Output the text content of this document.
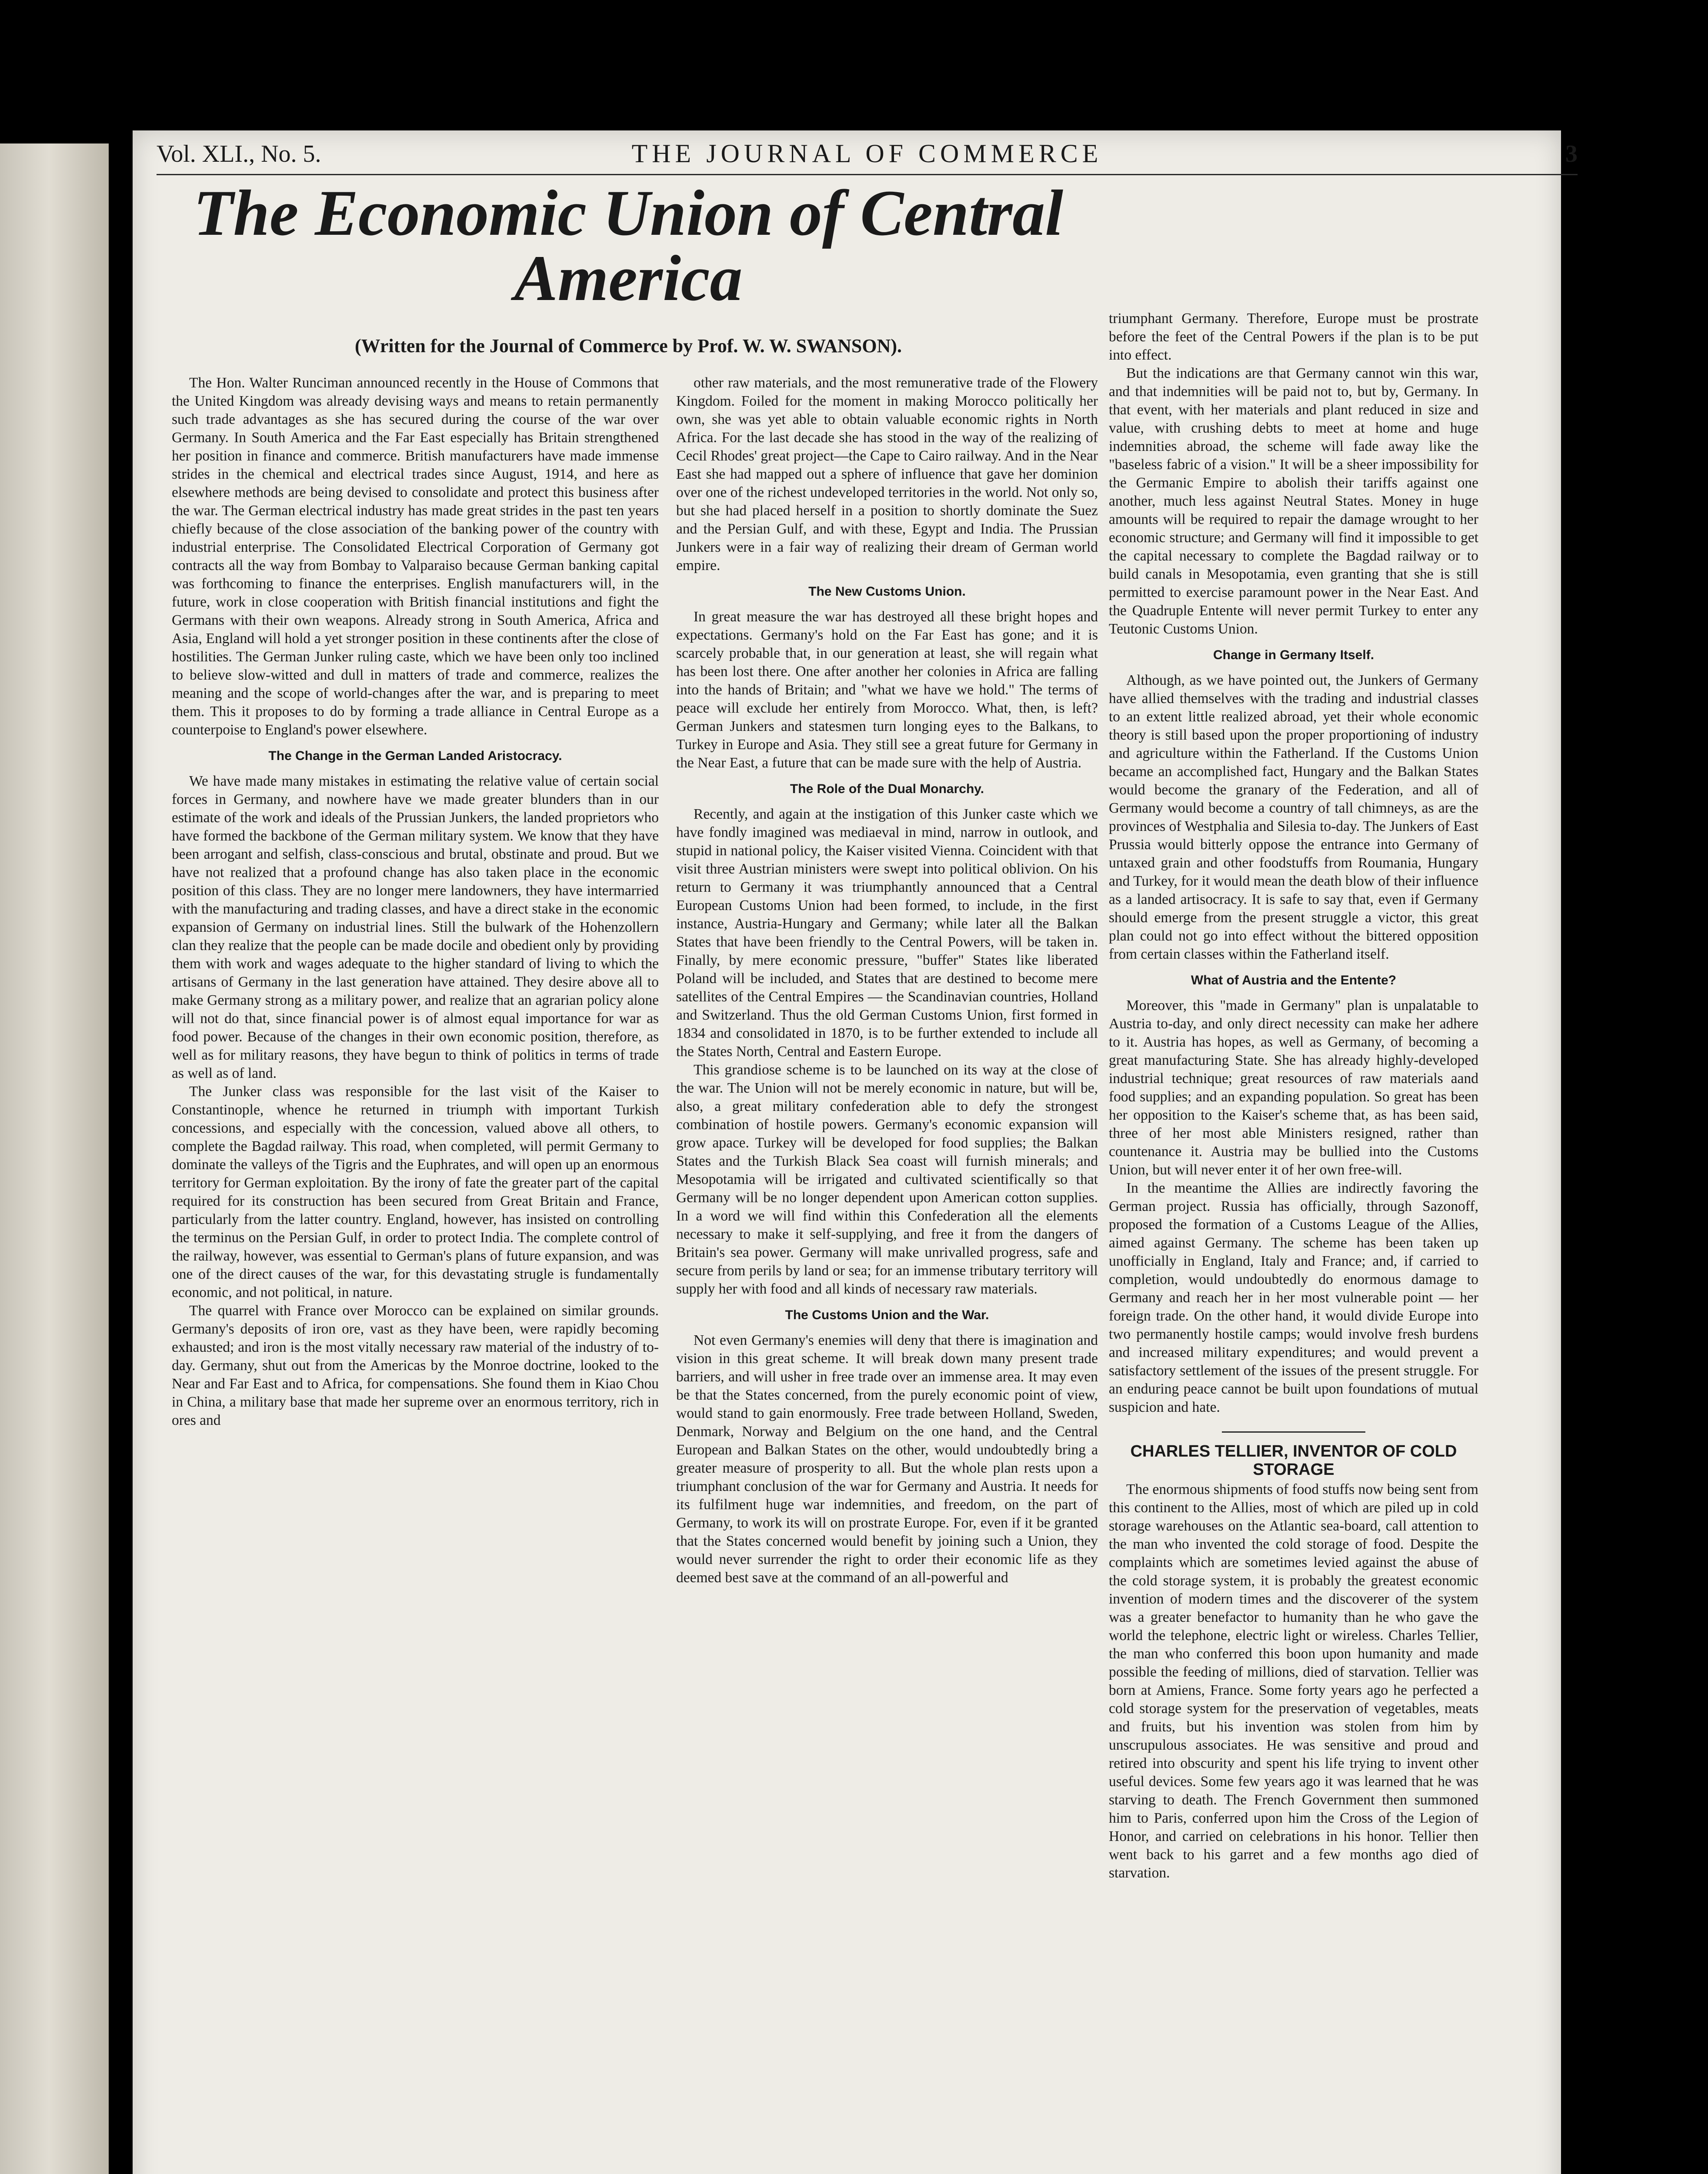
Vol. XLI., No. 5.	THE JOURNAL OF COMMERCE	3
The Economic Union of Central America
(Written for the Journal of Commerce by Prof. W. W. SWANSON).

The Hon. Walter Runciman announced recently in the House of Commons that the United Kingdom was already devising ways and means to retain permanently such trade advantages as she has secured during the course of the war over Germany. In South America and the Far East especially has Britain strengthened her position in finance and commerce. British manufacturers have made immense strides in the chemical and electrical trades since August, 1914, and here as elsewhere methods are being devised to consolidate and protect this business after the war. The German electrical industry has made great strides in the past ten years chiefly because of the close association of the banking power of the country with industrial enterprise. The Consolidated Electrical Corporation of Germany got contracts all the way from Bombay to Valparaiso because German banking capital was forthcoming to finance the enterprises. English manufacturers will, in the future, work in close cooperation with British financial institutions and fight the Germans with their own weapons. Already strong in South America, Africa and Asia, England will hold a yet stronger position in these continents after the close of hostilities. The German Junker ruling caste, which we have been only too inclined to believe slow-witted and dull in matters of trade and commerce, realizes the meaning and the scope of world-changes after the war, and is preparing to meet them. This it proposes to do by forming a trade alliance in Central Europe as a counterpoise to England's power elsewhere.

The Change in the German Landed Aristocracy.

We have made many mistakes in estimating the relative value of certain social forces in Germany, and nowhere have we made greater blunders than in our estimate of the work and ideals of the Prussian Junkers, the landed proprietors who have formed the backbone of the German military system. We know that they have been arrogant and selfish, class-conscious and brutal, obstinate and proud. But we have not realized that a profound change has also taken place in the economic position of this class. They are no longer mere landowners, they have intermarried with the manufacturing and trading classes, and have a direct stake in the economic expansion of Germany on industrial lines. Still the bulwark of the Hohenzollern clan they realize that the people can be made docile and obedient only by providing them with work and wages adequate to the higher standard of living to which the artisans of Germany in the last generation have attained. They desire above all to make Germany strong as a military power, and realize that an agrarian policy alone will not do that, since financial power is of almost equal importance for war as food power. Because of the changes in their own economic position, therefore, as well as for military reasons, they have begun to think of politics in terms of trade as well as of land.

The Junker class was responsible for the last visit of the Kaiser to Constantinople, whence he returned in triumph with important Turkish concessions, and especially with the concession, valued above all others, to complete the Bagdad railway. This road, when completed, will permit Germany to dominate the valleys of the Tigris and the Euphrates, and will open up an enormous territory for German exploitation. By the irony of fate the greater part of the capital required for its construction has been secured from Great Britain and France, particularly from the latter country. England, however, has insisted on controlling the terminus on the Persian Gulf, in order to protect India. The complete control of the railway, however, was essential to German's plans of future expansion, and was one of the direct causes of the war, for this devastating strugle is fundamentally economic, and not political, in nature.

The quarrel with France over Morocco can be explained on similar grounds. Germany's deposits of iron ore, vast as they have been, were rapidly becoming exhausted; and iron is the most vitally necessary raw material of the industry of to-day. Germany, shut out from the Americas by the Monroe doctrine, looked to the Near and Far East and to Africa, for compensations. She found them in Kiao Chou in China, a military base that made her supreme over an enormous territory, rich in ores and

other raw materials, and the most remunerative trade of the Flowery Kingdom. Foiled for the moment in making Morocco politically her own, she was yet able to obtain valuable economic rights in North Africa. For the last decade she has stood in the way of the realizing of Cecil Rhodes' great project—the Cape to Cairo railway. And in the Near East she had mapped out a sphere of influence that gave her dominion over one of the richest undeveloped territories in the world. Not only so, but she had placed herself in a position to shortly dominate the Suez and the Persian Gulf, and with these, Egypt and India. The Prussian Junkers were in a fair way of realizing their dream of German world empire.

The New Customs Union.

In great measure the war has destroyed all these bright hopes and expectations. Germany's hold on the Far East has gone; and it is scarcely probable that, in our generation at least, she will regain what has been lost there. One after another her colonies in Africa are falling into the hands of Britain; and "what we have we hold." The terms of peace will exclude her entirely from Morocco. What, then, is left? German Junkers and statesmen turn longing eyes to the Balkans, to Turkey in Europe and Asia. They still see a great future for Germany in the Near East, a future that can be made sure with the help of Austria.

The Role of the Dual Monarchy.

Recently, and again at the instigation of this Junker caste which we have fondly imagined was mediaeval in mind, narrow in outlook, and stupid in national policy, the Kaiser visited Vienna. Coincident with that visit three Austrian ministers were swept into political oblivion. On his return to Germany it was triumphantly announced that a Central European Customs Union had been formed, to include, in the first instance, Austria-Hungary and Germany; while later all the Balkan States that have been friendly to the Central Powers, will be taken in. Finally, by mere economic pressure, "buffer" States like liberated Poland will be included, and States that are destined to become mere satellites of the Central Empires — the Scandinavian countries, Holland and Switzerland. Thus the old German Customs Union, first formed in 1834 and consolidated in 1870, is to be further extended to include all the States North, Central and Eastern Europe.

This grandiose scheme is to be launched on its way at the close of the war. The Union will not be merely economic in nature, but will be, also, a great military confederation able to defy the strongest combination of hostile powers. Germany's economic expansion will grow apace. Turkey will be developed for food supplies; the Balkan States and the Turkish Black Sea coast will furnish minerals; and Mesopotamia will be irrigated and cultivated scientifically so that Germany will be no longer dependent upon American cotton supplies. In a word we will find within this Confederation all the elements necessary to make it self-supplying, and free it from the dangers of Britain's sea power. Germany will make unrivalled progress, safe and secure from perils by land or sea; for an immense tributary territory will supply her with food and all kinds of necessary raw materials.

The Customs Union and the War.

Not even Germany's enemies will deny that there is imagination and vision in this great scheme. It will break down many present trade barriers, and will usher in free trade over an immense area. It may even be that the States concerned, from the purely economic point of view, would stand to gain enormously. Free trade between Holland, Sweden, Denmark, Norway and Belgium on the one hand, and the Central European and Balkan States on the other, would undoubtedly bring a greater measure of prosperity to all. But the whole plan rests upon a triumphant conclusion of the war for Germany and Austria. It needs for its fulfilment huge war indemnities, and freedom, on the part of Germany, to work its will on prostrate Europe. For, even if it be granted that the States concerned would benefit by joining such a Union, they would never surrender the right to order their economic life as they deemed best save at the command of an all-powerful and

triumphant Germany. Therefore, Europe must be prostrate before the feet of the Central Powers if the plan is to be put into effect.

But the indications are that Germany cannot win this war, and that indemnities will be paid not to, but by, Germany. In that event, with her materials and plant reduced in size and value, with crushing debts to meet at home and huge indemnities abroad, the scheme will fade away like the "baseless fabric of a vision." It will be a sheer impossibility for the Germanic Empire to abolish their tariffs against one another, much less against Neutral States. Money in huge amounts will be required to repair the damage wrought to her economic structure; and Germany will find it impossible to get the capital necessary to complete the Bagdad railway or to build canals in Mesopotamia, even granting that she is still permitted to exercise paramount power in the Near East. And the Quadruple Entente will never permit Turkey to enter any Teutonic Customs Union.

Change in Germany Itself.

Although, as we have pointed out, the Junkers of Germany have allied themselves with the trading and industrial classes to an extent little realized abroad, yet their whole economic theory is still based upon the proper proportioning of industry and agriculture within the Fatherland. If the Customs Union became an accomplished fact, Hungary and the Balkan States would become the granary of the Federation, and all of Germany would become a country of tall chimneys, as are the provinces of Westphalia and Silesia to-day. The Junkers of East Prussia would bitterly oppose the entrance into Germany of untaxed grain and other foodstuffs from Roumania, Hungary and Turkey, for it would mean the death blow of their influence as a landed artisocracy. It is safe to say that, even if Germany should emerge from the present struggle a victor, this great plan could not go into effect without the bittered opposition from certain classes within the Fatherland itself.

What of Austria and the Entente?

Moreover, this "made in Germany" plan is unpalatable to Austria to-day, and only direct necessity can make her adhere to it. Austria has hopes, as well as Germany, of becoming a great manufacturing State. She has already highly-developed industrial technique; great resources of raw materials aand food supplies; and an expanding population. So great has been her opposition to the Kaiser's scheme that, as has been said, three of her most able Ministers resigned, rather than countenance it. Austria may be bullied into the Customs Union, but will never enter it of her own free-will.

In the meantime the Allies are indirectly favoring the German project. Russia has officially, through Sazonoff, proposed the formation of a Customs League of the Allies, aimed against Germany. The scheme has been taken up unofficially in England, Italy and France; and, if carried to completion, would undoubtedly do enormous damage to Germany and reach her in her most vulnerable point — her foreign trade. On the other hand, it would divide Europe into two permanently hostile camps; would involve fresh burdens and increased military expenditures; and would prevent a satisfactory settlement of the issues of the present struggle. For an enduring peace cannot be built upon foundations of mutual suspicion and hate.

CHARLES TELLIER, INVENTOR OF COLD STORAGE

The enormous shipments of food stuffs now being sent from this continent to the Allies, most of which are piled up in cold storage warehouses on the Atlantic sea-board, call attention to the man who invented the cold storage of food. Despite the complaints which are sometimes levied against the abuse of the cold storage system, it is probably the greatest economic invention of modern times and the discoverer of the system was a greater benefactor to humanity than he who gave the world the telephone, electric light or wireless. Charles Tellier, the man who conferred this boon upon humanity and made possible the feeding of millions, died of starvation. Tellier was born at Amiens, France. Some forty years ago he perfected a cold storage system for the preservation of vegetables, meats and fruits, but his invention was stolen from him by unscrupulous associates. He was sensitive and proud and retired into obscurity and spent his life trying to invent other useful devices. Some few years ago it was learned that he was starving to death. The French Government then summoned him to Paris, conferred upon him the Cross of the Legion of Honor, and carried on celebrations in his honor. Tellier then went back to his garret and a few months ago died of starvation.
